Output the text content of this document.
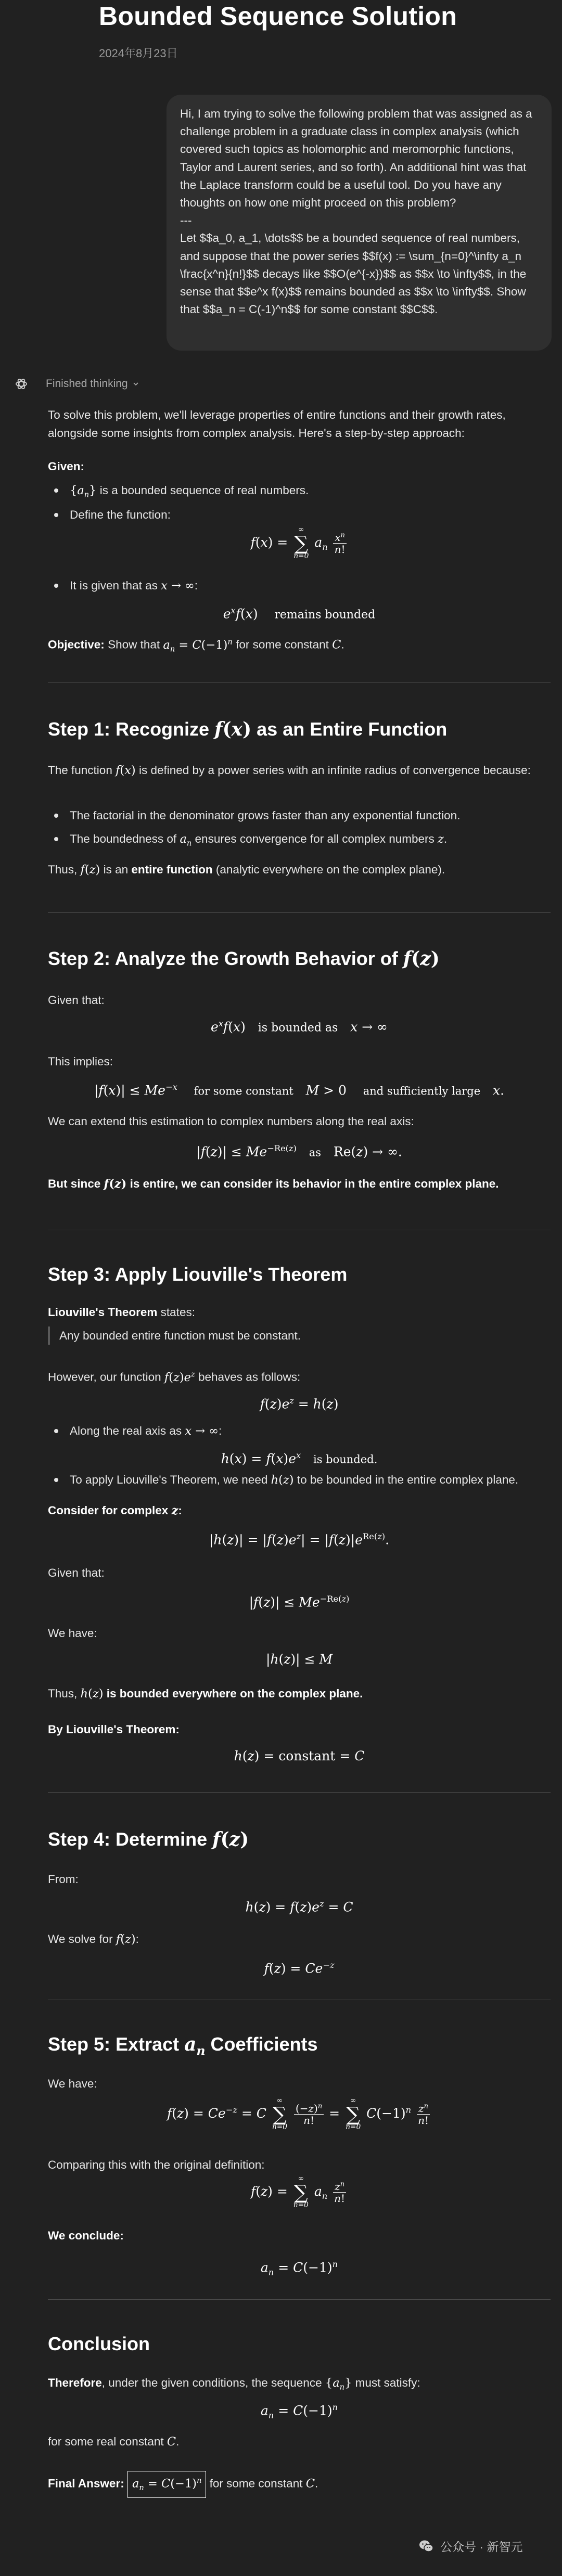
Bounded Sequence Solution
2024年8月23日

Hi, I am trying to solve the following problem that was assigned as a challenge problem in a graduate class in complex analysis (which covered such topics as holomorphic and meromorphic functions, Taylor and Laurent series, and so forth). An additional hint was that the Laplace transform could be a useful tool. Do you have any thoughts on how one might proceed on this problem?

---

Let $$a_0, a_1, \dots$$ be a bounded sequence of real numbers, and suppose that the power series $$f(x) := \sum_{n=0}^\infty a_n \frac{x^n}{n!}$$ decays like $$O(e^{-x})$$ as $$x \to \infty$$, in the sense that $$e^x f(x)$$ remains bounded as $$x \to \infty$$. Show that $$a_n = C(-1)^n$$ for some constant $$C$$.

Finished thinking

To solve this problem, we'll leverage properties of entire functions and their growth rates, alongside some insights from complex analysis. Here's a step-by-step approach:

Given:
$\{a_n\}$ is a bounded sequence of real numbers.
Define the function:
f(x) =
∞
∑
n=0
$a_n \frac{x^n}{n!}$
It is given that as x → ∞:
$e^xf(x)$    remains bounded

Objective: Show that $a_n = C(-1)^n$ for some constant C.

Step 1: Recognize f(x) as an Entire Function

The function f(x) is defined by a power series with an infinite radius of convergence because:

The factorial in the denominator grows faster than any exponential function.
The boundedness of $a_n$ ensures convergence for all complex numbers z.

Thus, f(z) is an entire function (analytic everywhere on the complex plane).

Step 2: Analyze the Growth Behavior of f(z)

Given that:

$e^xf(x)$   is bounded as x → ∞

This implies:

$|f(x)| \le Me^{-x}$ for some constant M > 0    and sufficiently large x.

We can extend this estimation to complex numbers along the real axis:

$|f(z)| \le Me^{-Re(z)}$ as   Re(z) → ∞.

But since f(z) is entire, we can consider its behavior in the entire complex plane.

Step 3: Apply Liouville's Theorem

Liouville's Theorem states:

Any bounded entire function must be constant.

However, our function $f(z)e^z$ behaves as follows:

$f(z)e^z = h(z)$
Along the real axis as x → ∞:
$h(x) = f(x)e^x$ is bounded.
To apply Liouville's Theorem, we need h(z) to be bounded in the entire complex plane.

Consider for complex z:

$|h(z)| = |f(z)e^z| = |f(z)|e^{Re(z)}$.

Given that:

$|f(z)| \le Me^{-Re(z)}$

We have:

|h(z)| ≤ M

Thus, h(z) is bounded everywhere on the complex plane.

By Liouville's Theorem:

h(z) = constant = C
Step 4: Determine f(z)

From:

$h(z) = f(z)e^z = C$

We solve for f(z):

$f(z) = Ce^{-z}$
Step 5: Extract $a_n$ Coefficients

We have:

$f(z) = Ce^{-z} = C$
∞
∑
n=0

$\frac{(-z)^n}{n!}$ =
∞
∑
n=0
$C(-1)^n \frac{z^n}{n!}$

Comparing this with the original definition:

f(z) =
∞
∑
n=0
$a_n \frac{z^n}{n!}$

We conclude:

$a_n = C(-1)^n$
Conclusion

Therefore, under the given conditions, the sequence $\{a_n\}$ must satisfy:

$a_n = C(-1)^n$

for some real constant C.

Final Answer: $a_n = C(-1)^n$ for some constant C.

公众号 · 新智元
